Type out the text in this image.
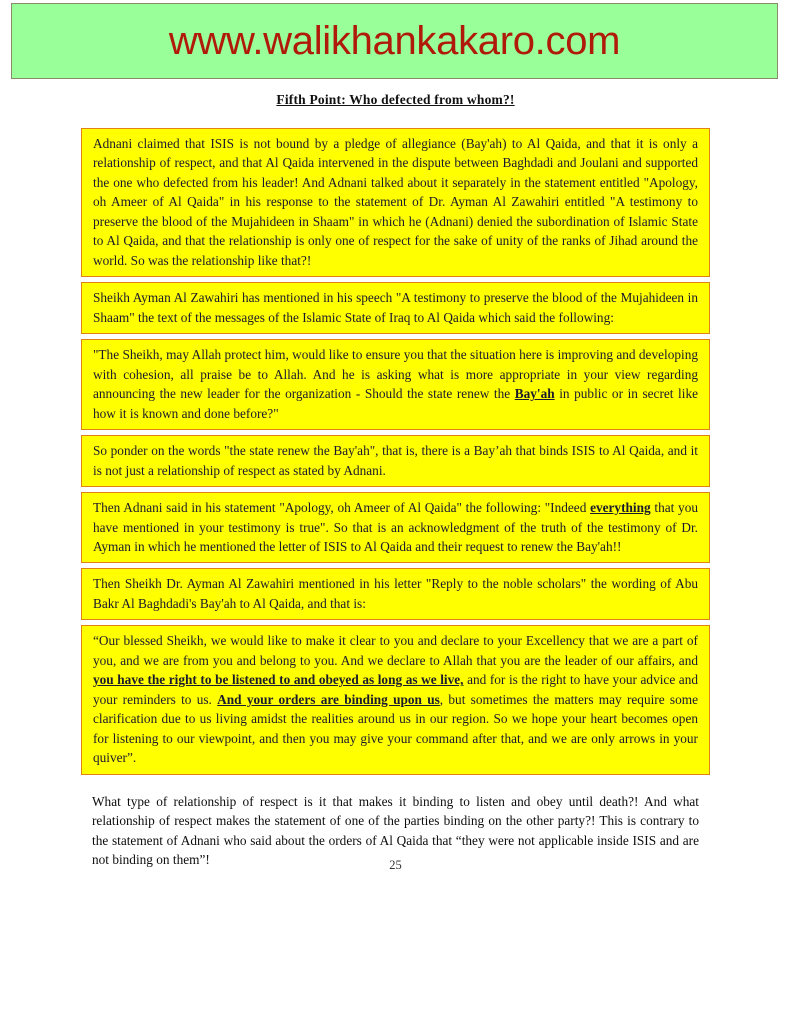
www.walikhankakaro.com
Fifth Point: Who defected from whom?!

Adnani claimed that ISIS is not bound by a pledge of allegiance (Bay'ah) to Al Qaida, and that it is only a relationship of respect, and that Al Qaida intervened in the dispute between Baghdadi and Joulani and supported the one who defected from his leader! And Adnani talked about it separately in the statement entitled "Apology, oh Ameer of Al Qaida" in his response to the statement of Dr. Ayman Al Zawahiri entitled "A testimony to preserve the blood of the Mujahideen in Shaam" in which he (Adnani) denied the subordination of Islamic State to Al Qaida, and that the relationship is only one of respect for the sake of unity of the ranks of Jihad around the world. So was the relationship like that?!

Sheikh Ayman Al Zawahiri has mentioned in his speech "A testimony to preserve the blood of the Mujahideen in Shaam" the text of the messages of the Islamic State of Iraq to Al Qaida which said the following:

"The Sheikh, may Allah protect him, would like to ensure you that the situation here is improving and developing with cohesion, all praise be to Allah. And he is asking what is more appropriate in your view regarding announcing the new leader for the organization - Should the state renew the Bay'ah in public or in secret like how it is known and done before?"

So ponder on the words "the state renew the Bay'ah", that is, there is a Bay’ah that binds ISIS to Al Qaida, and it is not just a relationship of respect as stated by Adnani.

Then Adnani said in his statement "Apology, oh Ameer of Al Qaida" the following: "Indeed everything that you have mentioned in your testimony is true". So that is an acknowledgment of the truth of the testimony of Dr. Ayman in which he mentioned the letter of ISIS to Al Qaida and their request to renew the Bay'ah!!

Then Sheikh Dr. Ayman Al Zawahiri mentioned in his letter "Reply to the noble scholars" the wording of Abu Bakr Al Baghdadi's Bay'ah to Al Qaida, and that is:

“Our blessed Sheikh, we would like to make it clear to you and declare to your Excellency that we are a part of you, and we are from you and belong to you. And we declare to Allah that you are the leader of our affairs, and you have the right to be listened to and obeyed as long as we live, and for is the right to have your advice and your reminders to us. And your orders are binding upon us, but sometimes the matters may require some clarification due to us living amidst the realities around us in our region. So we hope your heart becomes open for listening to our viewpoint, and then you may give your command after that, and we are only arrows in your quiver”.

What type of relationship of respect is it that makes it binding to listen and obey until death?! And what relationship of respect makes the statement of one of the parties binding on the other party?! This is contrary to the statement of Adnani who said about the orders of Al Qaida that “they were not applicable inside ISIS and are not binding on them”!	25
